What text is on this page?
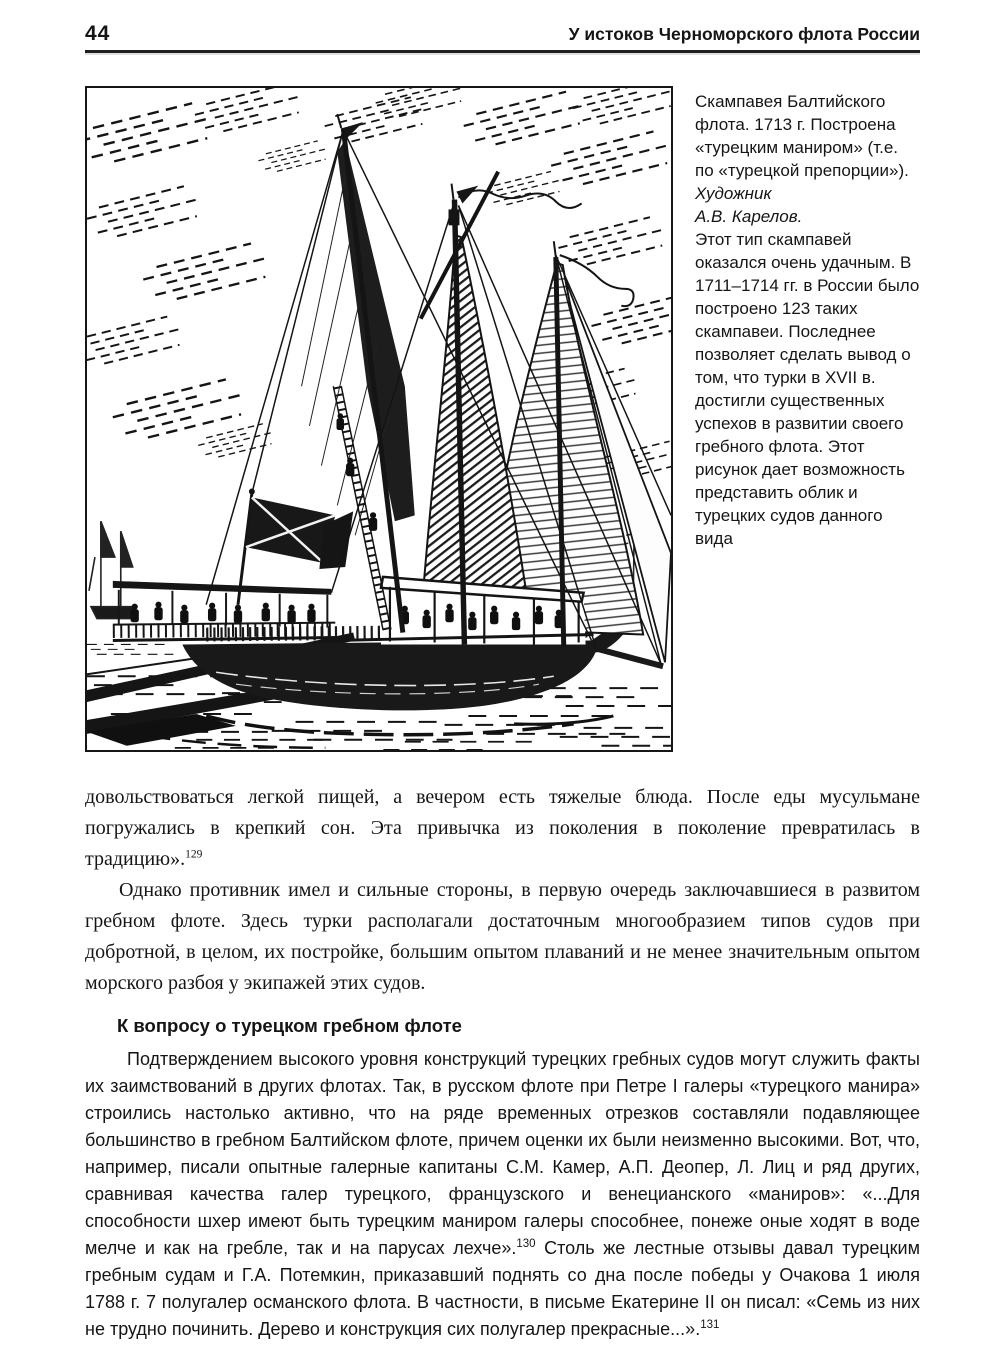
44	У истоков Черноморского флота России
Скампавея Балтийского флота. 1713 г. Построена «турецким маниром» (т.е. по «турецкой препорции»).
Художник
А.В. Карелов.
Этот тип скампавей оказался очень удачным. В 1711–1714 гг. в России было построено 123 таких скампавеи. Последнее позволяет сделать вывод о том, что турки в XVII в. достигли существенных успехов в развитии своего гребного флота. Этот рисунок дает возможность представить облик и турецких судов данного вида

довольствоваться легкой пищей, а вечером есть тяжелые блюда. После еды мусульмане погружались в крепкий сон. Эта привычка из поколения в поколение превратилась в традицию».$^{129}$

Однако противник имел и сильные стороны, в первую очередь заключавшиеся в развитом гребном флоте. Здесь турки располагали достаточным многообразием типов судов при добротной, в целом, их постройке, большим опытом плаваний и не менее значительным опытом морского разбоя у экипажей этих судов.

К вопросу о турецком гребном флоте

Подтверждением высокого уровня конструкций турецких гребных судов могут служить факты их заимствований в других флотах. Так, в русском флоте при Петре I галеры «турецкого манира» строились настолько активно, что на ряде временных отрезков составляли подавляющее большинство в гребном Балтийском флоте, причем оценки их были неизменно высокими. Вот, что, например, писали опытные галерные капитаны С.М. Камер, А.П. Деопер, Л. Лиц и ряд других, сравнивая качества галер турецкого, французского и венецианского «маниров»: «...Для способности шхер имеют быть турецким маниром галеры способнее, понеже оные ходят в воде мелче и как на гребле, так и на парусах лехче».$^{130}$ Столь же лестные отзывы давал турецким гребным судам и Г.А. Потемкин, приказавший поднять со дна после победы у Очакова 1 июля 1788 г. 7 полугалер османского флота. В частности, в письме Екатерине II он писал: «Семь из них не трудно починить. Дерево и конструкция сих полугалер прекрасные...».$^{131}$
